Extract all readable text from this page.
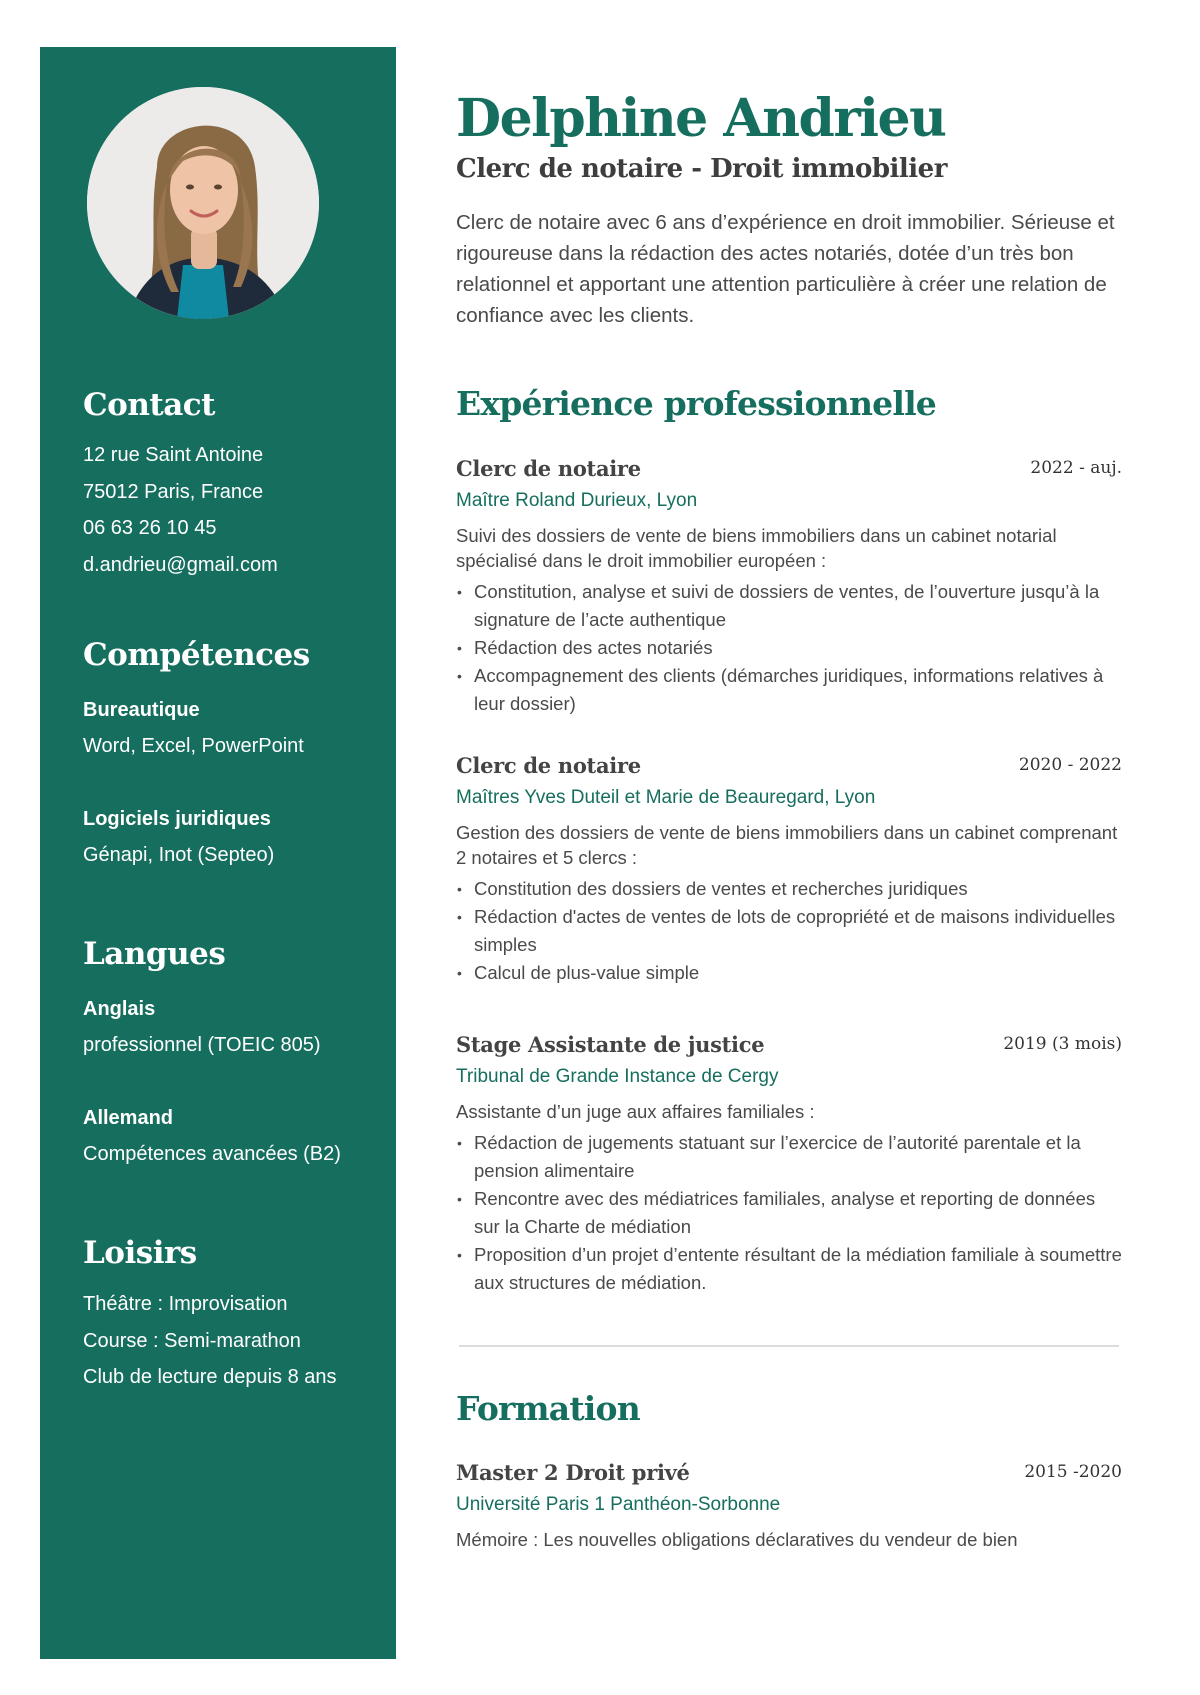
Contact
12 rue Saint Antoine
75012 Paris, France
06 63 26 10 45
d.andrieu@gmail.com
Compétences
Bureautique
Word, Excel, PowerPoint
Logiciels juridiques
Génapi, Inot (Septeo)
Langues
Anglais
professionnel (TOEIC 805)
Allemand
Compétences avancées (B2)
Loisirs
Théâtre : Improvisation
Course : Semi-marathon
Club de lecture depuis 8 ans
Delphine Andrieu
Clerc de notaire - Droit immobilier
Clerc de notaire avec 6 ans d’expérience en droit immobilier. Sérieuse et rigoureuse dans la rédaction des actes notariés, dotée d’un très bon relationnel et apportant une attention particulière à créer une relation de confiance avec les clients.
Expérience professionnelle
Clerc de notaire	2022 - auj.
Maître Roland Durieux, Lyon
Suivi des dossiers de vente de biens immobiliers dans un cabinet notarial spécialisé dans le droit immobilier européen :
• Constitution, analyse et suivi de dossiers de ventes, de l’ouverture jusqu’à la signature de l’acte authentique
• Rédaction des actes notariés
• Accompagnement des clients (démarches juridiques, informations relatives à leur dossier)
Clerc de notaire	2020 - 2022
Maîtres Yves Duteil et Marie de Beauregard, Lyon
Gestion des dossiers de vente de biens immobiliers dans un cabinet comprenant 2 notaires et 5 clercs :
• Constitution des dossiers de ventes et recherches juridiques
• Rédaction d'actes de ventes de lots de copropriété et de maisons individuelles simples
• Calcul de plus-value simple
Stage Assistante de justice	2019 (3 mois)
Tribunal de Grande Instance de Cergy
Assistante d’un juge aux affaires familiales :
• Rédaction de jugements statuant sur l’exercice de l’autorité parentale et la pension alimentaire
• Rencontre avec des médiatrices familiales, analyse et reporting de données sur la Charte de médiation
• Proposition d’un projet d’entente résultant de la médiation familiale à soumettre aux structures de médiation.
Formation
Master 2 Droit privé	2015 -2020
Université Paris 1 Panthéon-Sorbonne
Mémoire : Les nouvelles obligations déclaratives du vendeur de bien
